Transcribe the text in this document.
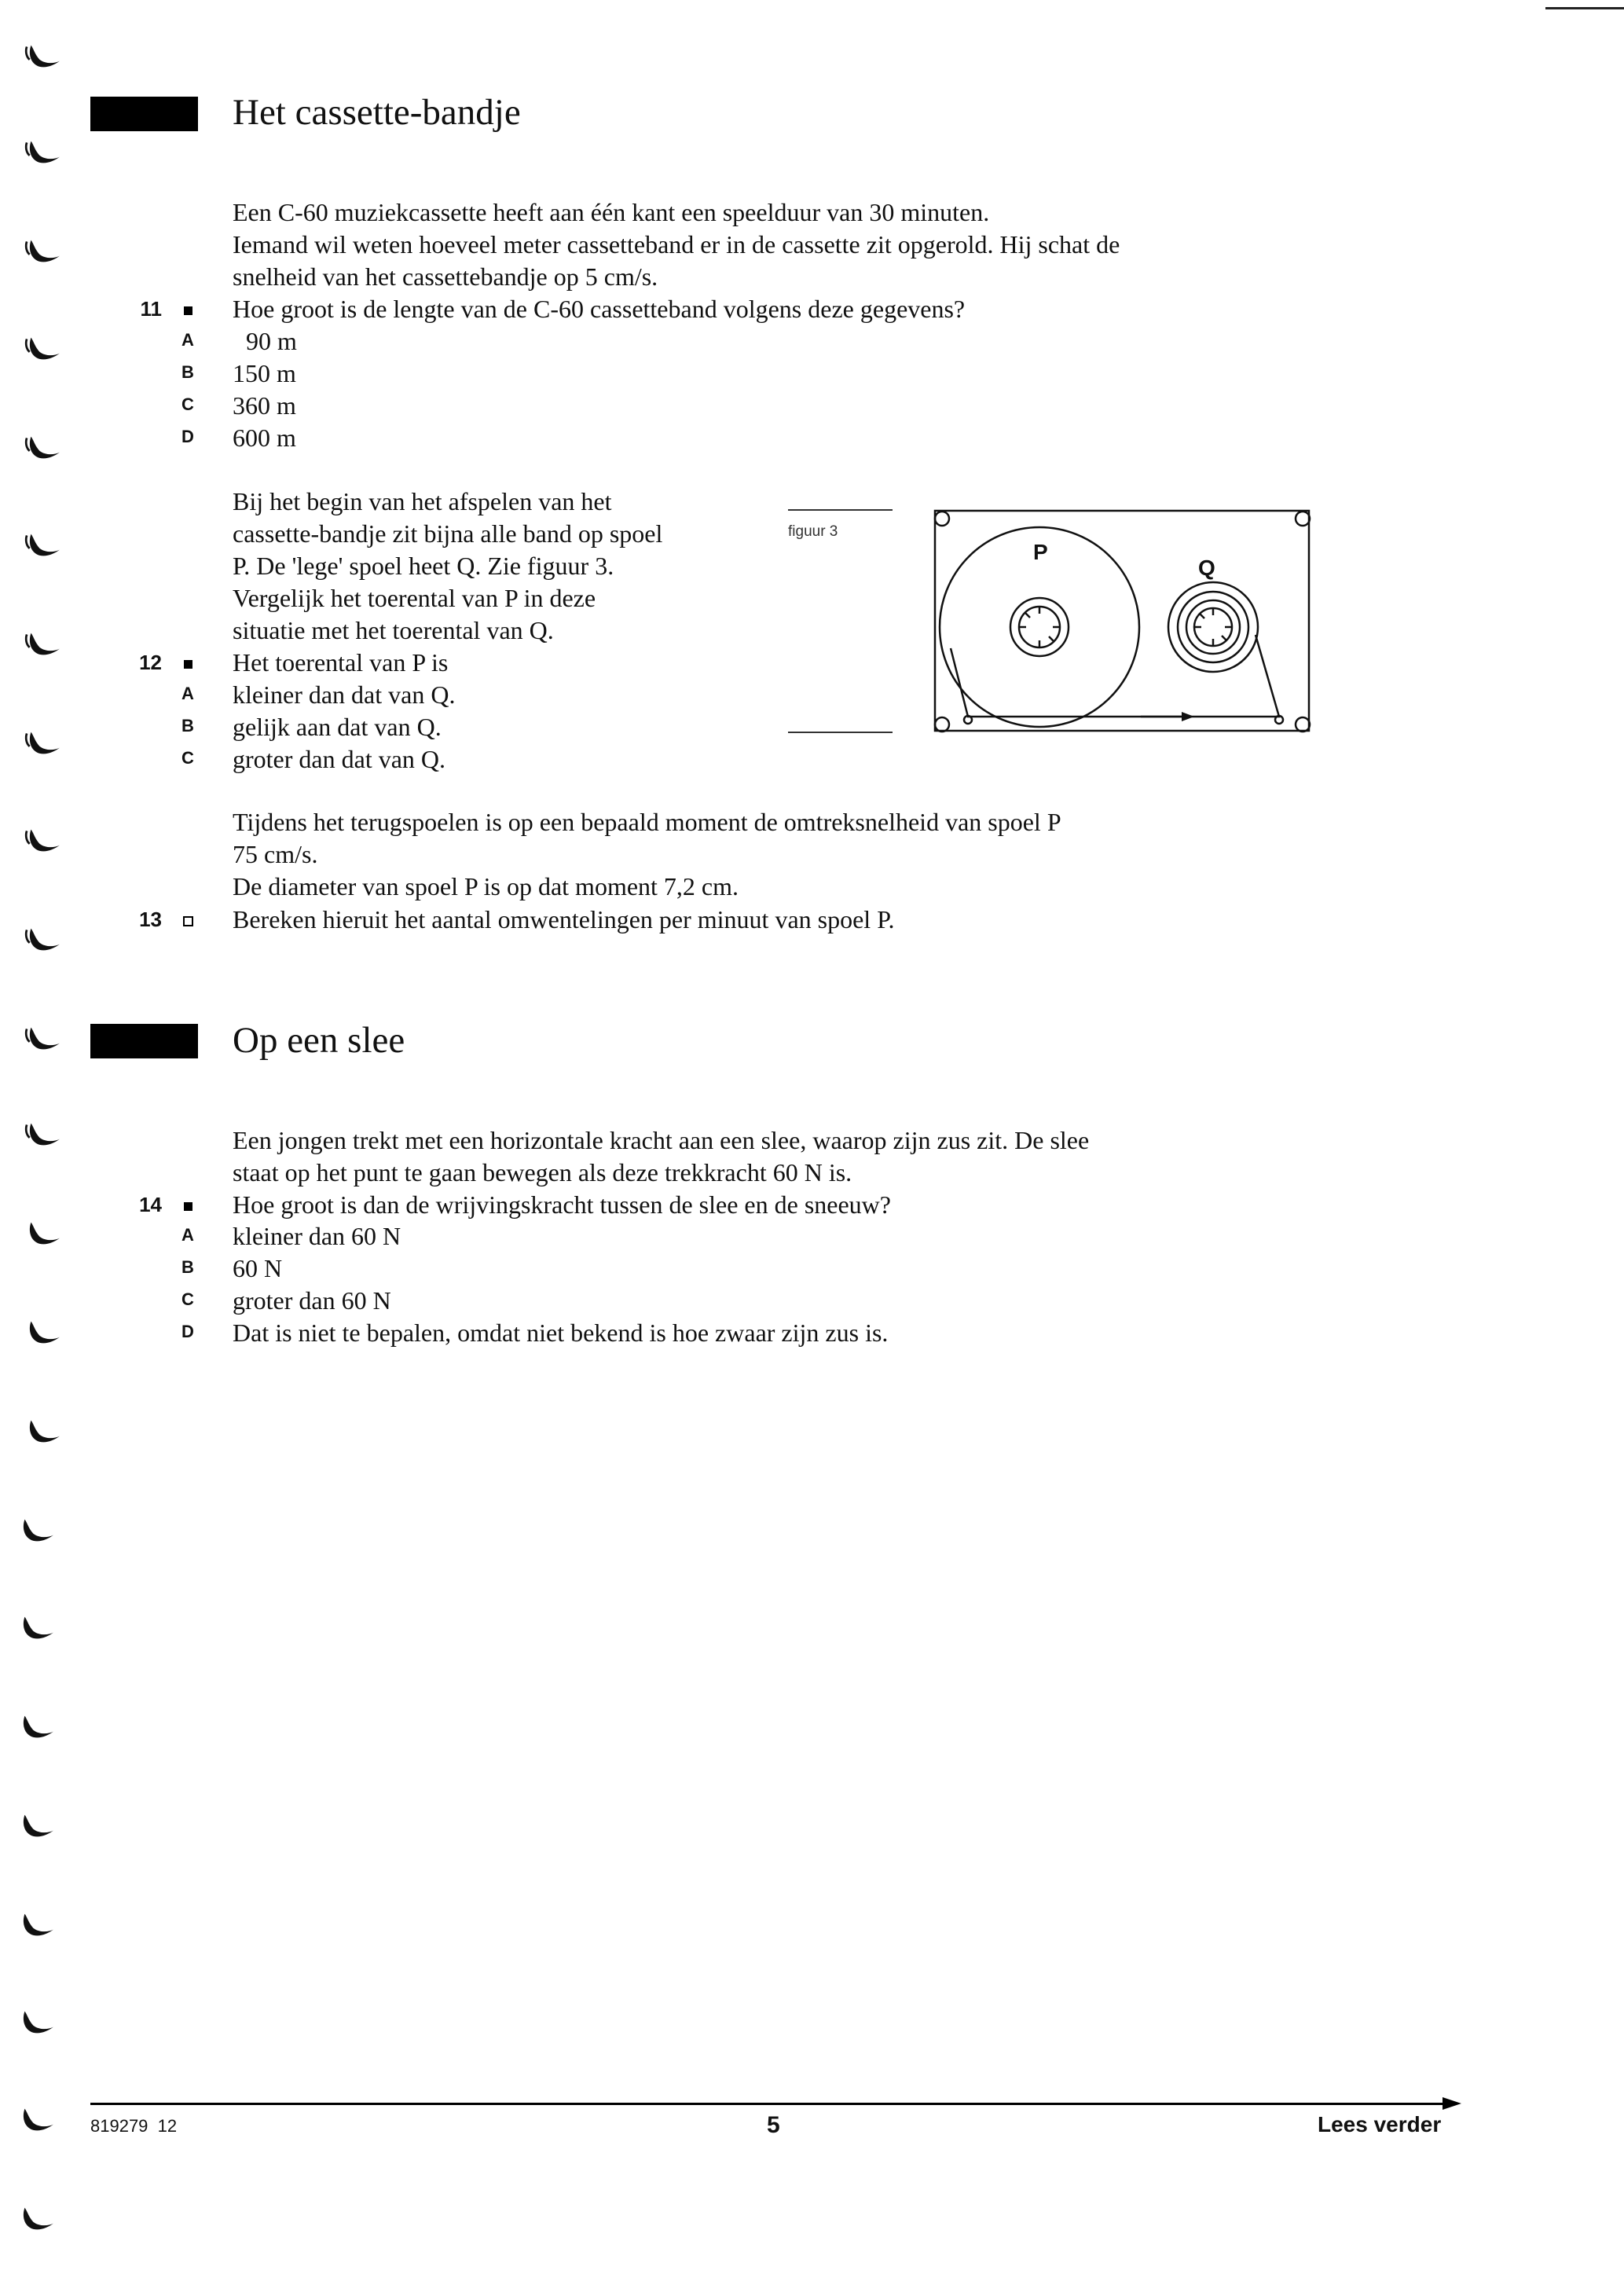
Het cassette-bandje
Een C-60 muziekcassette heeft aan één kant een speelduur van 30 minuten.
Iemand wil weten hoeveel meter cassetteband er in de cassette zit opgerold. Hij schat de
snelheid van het cassettebandje op 5 cm/s.
11	Hoe groot is de lengte van de C-60 cassetteband volgens deze gegevens?
A 90 m
B 150 m
C 360 m
D 600 m
Bij het begin van het afspelen van het
cassette-bandje zit bijna alle band op spoel
P. De 'lege' spoel heet Q. Zie figuur 3.
Vergelijk het toerental van P in deze
situatie met het toerental van Q.
figuur 3
P
Q
12	Het toerental van P is
A kleiner dan dat van Q.
B gelijk aan dat van Q.
C groter dan dat van Q.
Tijdens het terugspoelen is op een bepaald moment de omtreksnelheid van spoel P
75 cm/s.
De diameter van spoel P is op dat moment 7,2 cm.
13	Bereken hieruit het aantal omwentelingen per minuut van spoel P.
Op een slee
Een jongen trekt met een horizontale kracht aan een slee, waarop zijn zus zit. De slee
staat op het punt te gaan bewegen als deze trekkracht 60 N is.
14	Hoe groot is dan de wrijvingskracht tussen de slee en de sneeuw?
A kleiner dan 60 N
B 60 N
C groter dan 60 N
D Dat is niet te bepalen, omdat niet bekend is hoe zwaar zijn zus is.
819279  12	5	Lees verder
